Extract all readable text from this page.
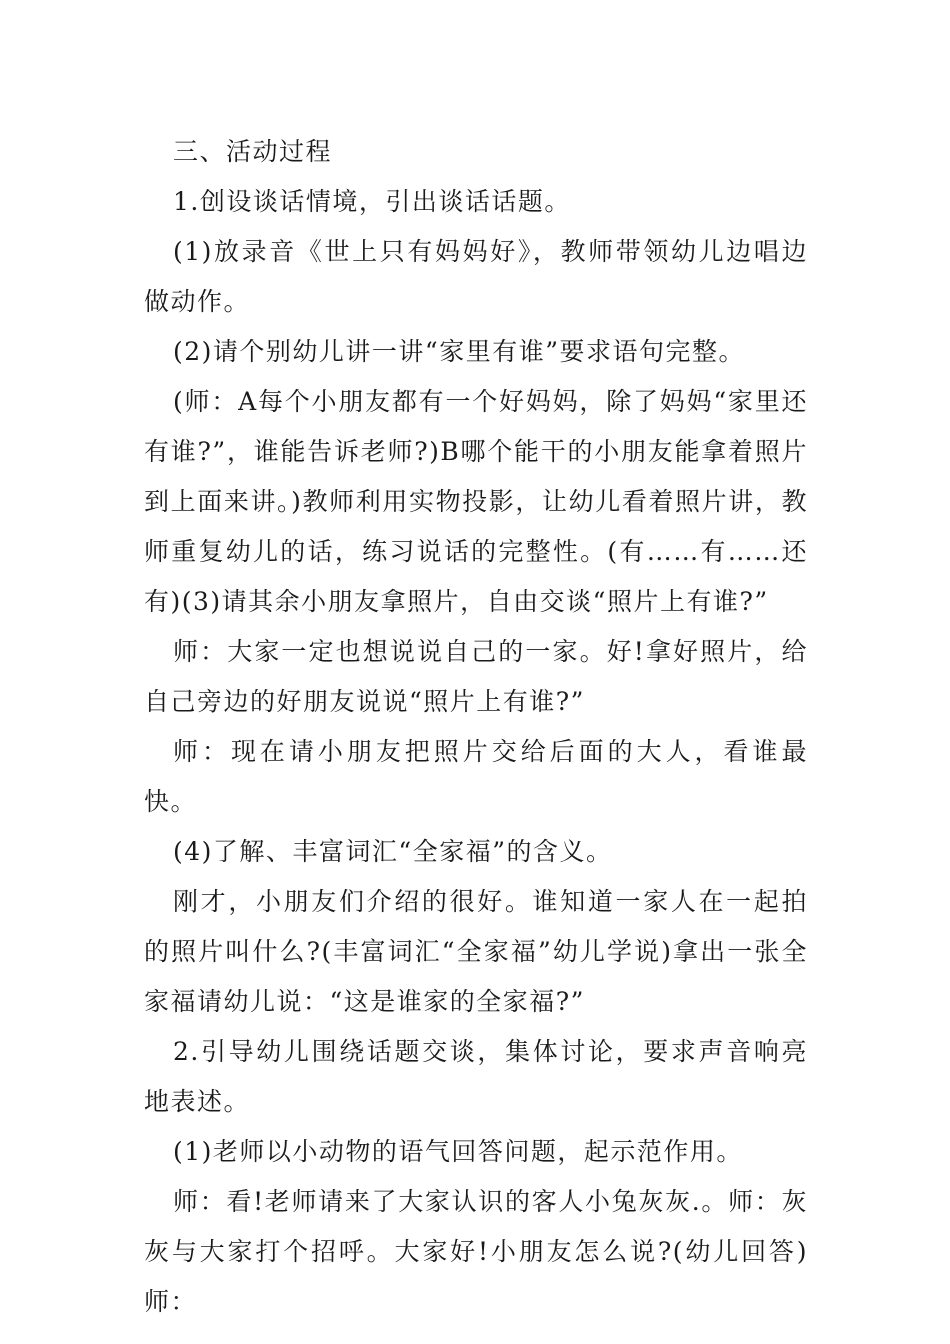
三、活动过程

1.创设谈话情境，引出谈话话题。

(1)放录音《世上只有妈妈好》，教师带领幼儿边唱边做动作。

(2)请个别幼儿讲一讲“家里有谁”要求语句完整。

(师：A每个小朋友都有一个好妈妈，除了妈妈“家里还有谁?”，谁能告诉老师?)B哪个能干的小朋友能拿着照片到上面来讲。)教师利用实物投影，让幼儿看着照片讲，教师重复幼儿的话，练习说话的完整性。(有……有……还有)(3)请其余小朋友拿照片，自由交谈“照片上有谁?”

师：大家一定也想说说自己的一家。好!拿好照片，给自己旁边的好朋友说说“照片上有谁?”

师：现在请小朋友把照片交给后面的大人，看谁最快。

(4)了解、丰富词汇“全家福”的含义。

刚才，小朋友们介绍的很好。谁知道一家人在一起拍的照片叫什么?(丰富词汇“全家福”幼儿学说)拿出一张全家福请幼儿说：“这是谁家的全家福?”

2.引导幼儿围绕话题交谈，集体讨论，要求声音响亮地表述。

(1)老师以小动物的语气回答问题，起示范作用。

师：看!老师请来了大家认识的客人小兔灰灰.。师：灰灰与大家打个招呼。大家好!小朋友怎么说?(幼儿回答)师：
